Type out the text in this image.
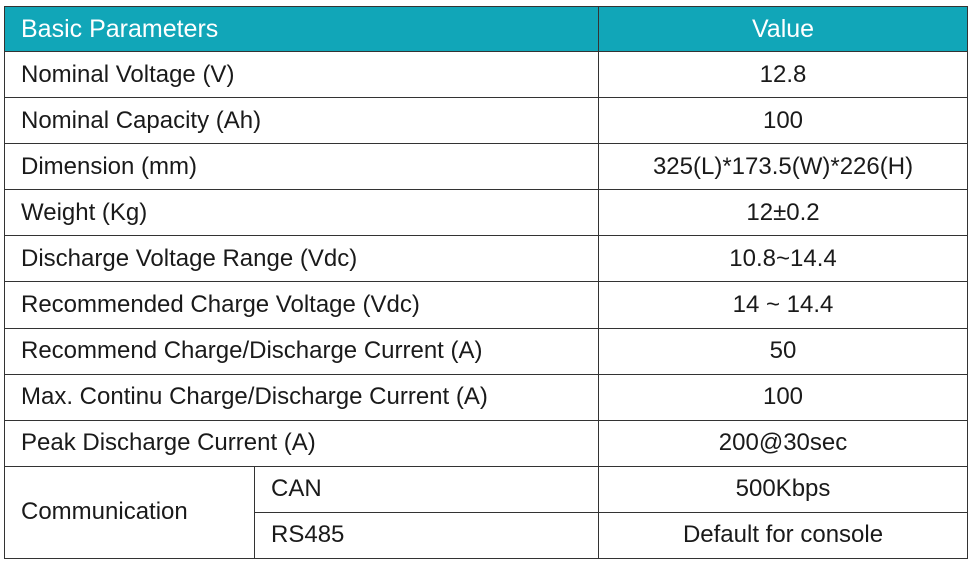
Basic Parameters		Value
Nominal Voltage (V)		12.8
Nominal Capacity (Ah)		100
Dimension (mm)		325(L)*173.5(W)*226(H)
Weight (Kg)		12±0.2
Discharge Voltage Range (Vdc)		10.8~14.4
Recommended Charge Voltage (Vdc)		14 ~ 14.4
Recommend Charge/Discharge Current (A)		50
Max. Continu Charge/Discharge Current (A)		100
Peak Discharge Current (A)		200@30sec
Communication	CAN	500Kbps
	RS485	Default for console
